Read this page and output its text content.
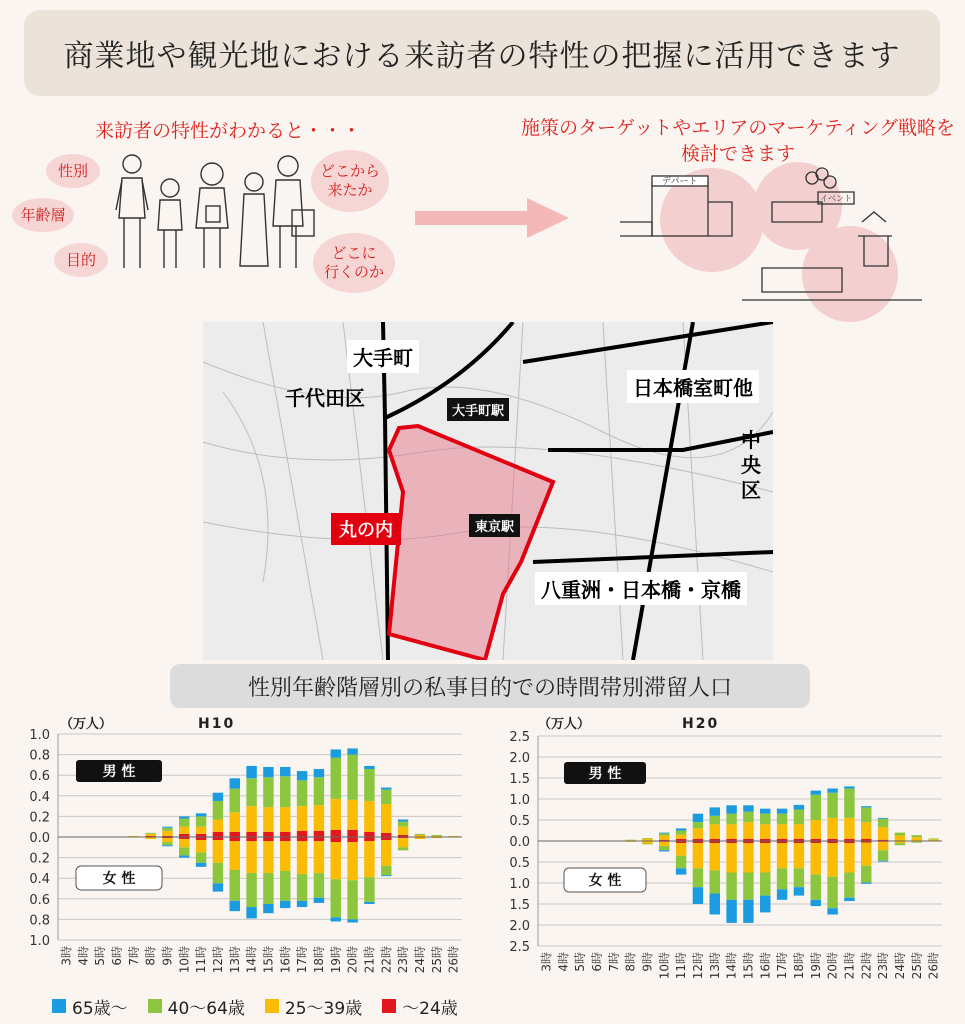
商業地や観光地における来訪者の特性の把握に活用できます
来訪者の特性がわかると・・・
性別
年齢層
目的
どこから
来たか
どこに
行くのか
施策のターゲットやエリアのマーケティング戦略を
検討できます
デパート
イベント
大手町
千代田区
大手町駅
日本橋室町他
中
央
区
丸の内	東京駅
八重洲・日本橋・京橋
性別年齢階層別の私事目的での時間帯別滞留人口
（万人）	H10
1.0
0.8
0.6
0.4
0.2
0.0
0.2
0.4
0.6
0.8
1.0
3時 4時 5時 6時 7時 8時 9時 10時 11時 12時 13時 14時 15時 16時 17時 18時 19時 20時 21時 22時 23時 24時 25時 26時
男 性
女 性
（万人）	H20
2.5
2.0
1.5
1.0
0.5
0.0
0.5
1.0
1.5
2.0
2.5
3時 4時 5時 6時 7時 8時 9時 10時 11時 12時 13時 14時 15時 16時 17時 18時 19時 20時 21時 22時 23時 24時 25時 26時
男 性
女 性
65歳～ 40～64歳 25～39歳 ～24歳
